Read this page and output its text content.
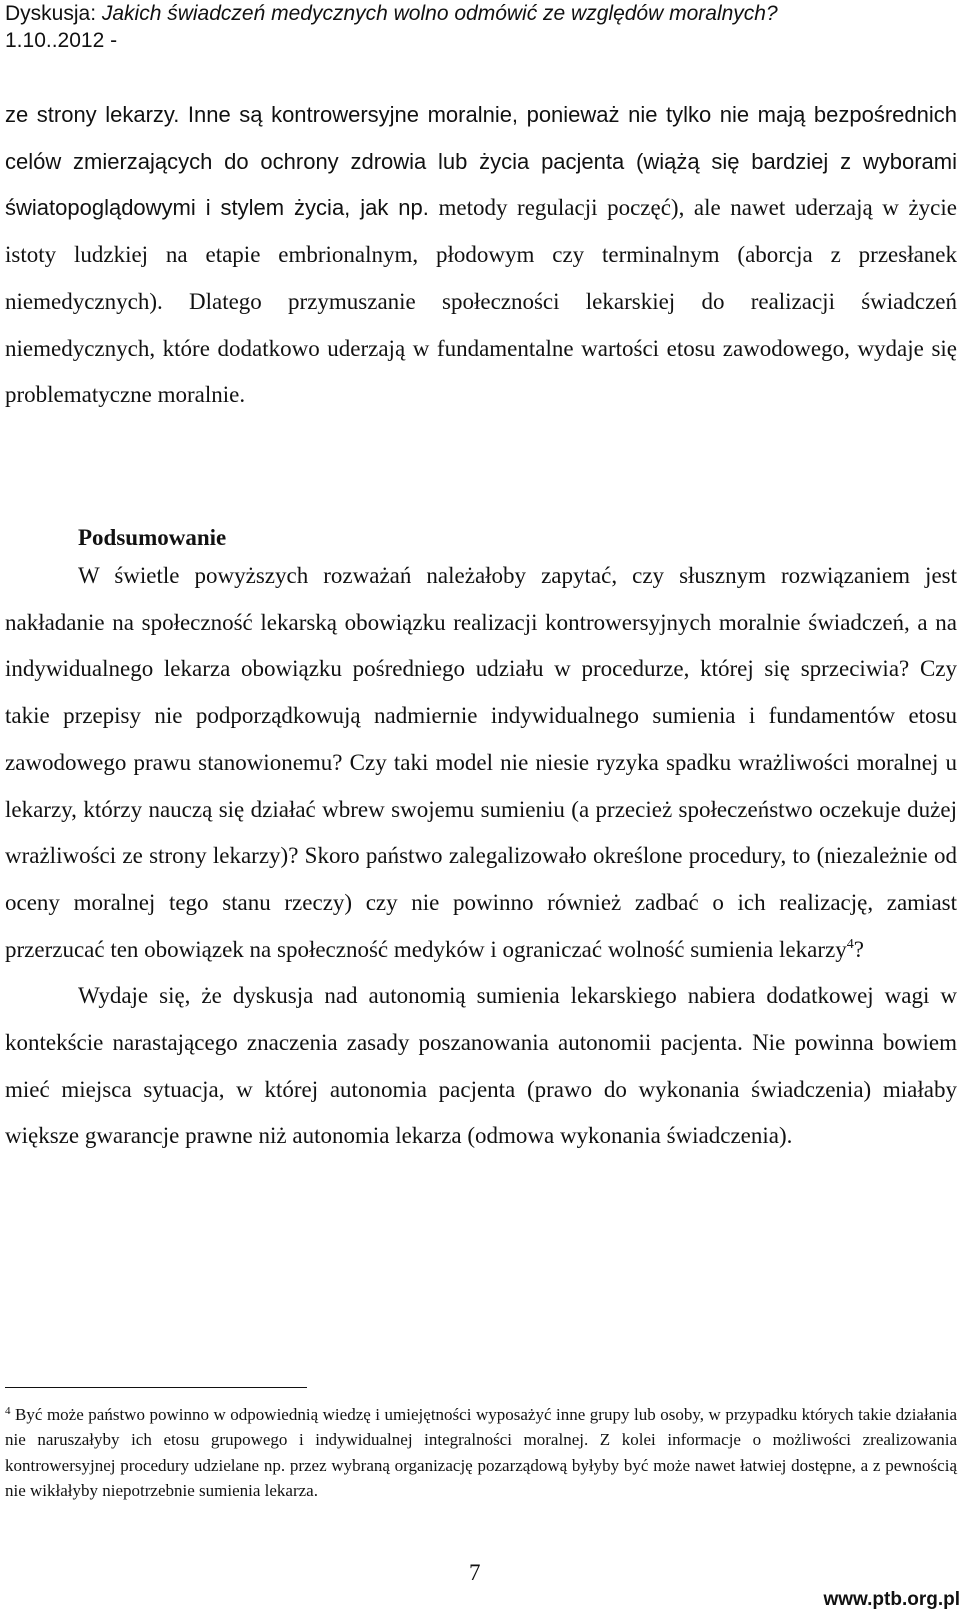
Dyskusja: Jakich świadczeń medycznych wolno odmówić ze względów moralnych?
1.10..2012 -

ze strony lekarzy. Inne są kontrowersyjne moralnie, ponieważ nie tylko nie mają bezpośrednich celów zmierzających do ochrony zdrowia lub życia pacjenta (wiążą się bardziej z wyborami światopoglądowymi i stylem życia, jak np. metody regulacji poczęć), ale nawet uderzają w życie istoty ludzkiej na etapie embrionalnym, płodowym czy terminalnym (aborcja z przesłanek niemedycznych). Dlatego przymuszanie społeczności lekarskiej do realizacji świadczeń niemedycznych, które dodatkowo uderzają w fundamentalne wartości etosu zawodowego, wydaje się problematyczne moralnie.

Podsumowanie

W świetle powyższych rozważań należałoby zapytać, czy słusznym rozwiązaniem jest nakładanie na społeczność lekarską obowiązku realizacji kontrowersyjnych moralnie świadczeń, a na indywidualnego lekarza obowiązku pośredniego udziału w procedurze, której się sprzeciwia? Czy takie przepisy nie podporządkowują nadmiernie indywidualnego sumienia i fundamentów etosu zawodowego prawu stanowionemu? Czy taki model nie niesie ryzyka spadku wrażliwości moralnej u lekarzy, którzy nauczą się działać wbrew swojemu sumieniu (a przecież społeczeństwo oczekuje dużej wrażliwości ze strony lekarzy)? Skoro państwo zalegalizowało określone procedury, to (niezależnie od oceny moralnej tego stanu rzeczy) czy nie powinno również zadbać o ich realizację, zamiast przerzucać ten obowiązek na społeczność medyków i ograniczać wolność sumienia lekarzy$^4$?

Wydaje się, że dyskusja nad autonomią sumienia lekarskiego nabiera dodatkowej wagi w kontekście narastającego znaczenia zasady poszanowania autonomii pacjenta. Nie powinna bowiem mieć miejsca sytuacja, w której autonomia pacjenta (prawo do wykonania świadczenia) miałaby większe gwarancje prawne niż autonomia lekarza (odmowa wykonania świadczenia).

$^4$ Być może państwo powinno w odpowiednią wiedzę i umiejętności wyposażyć inne grupy lub osoby, w przypadku których takie działania nie naruszałyby ich etosu grupowego i indywidualnej integralności moralnej. Z kolei informacje o możliwości zrealizowania kontrowersyjnej procedury udzielane np. przez wybraną organizację pozarządową byłyby być może nawet łatwiej dostępne, a z pewnością nie wikłałyby niepotrzebnie sumienia lekarza.
7
www.ptb.org.pl
